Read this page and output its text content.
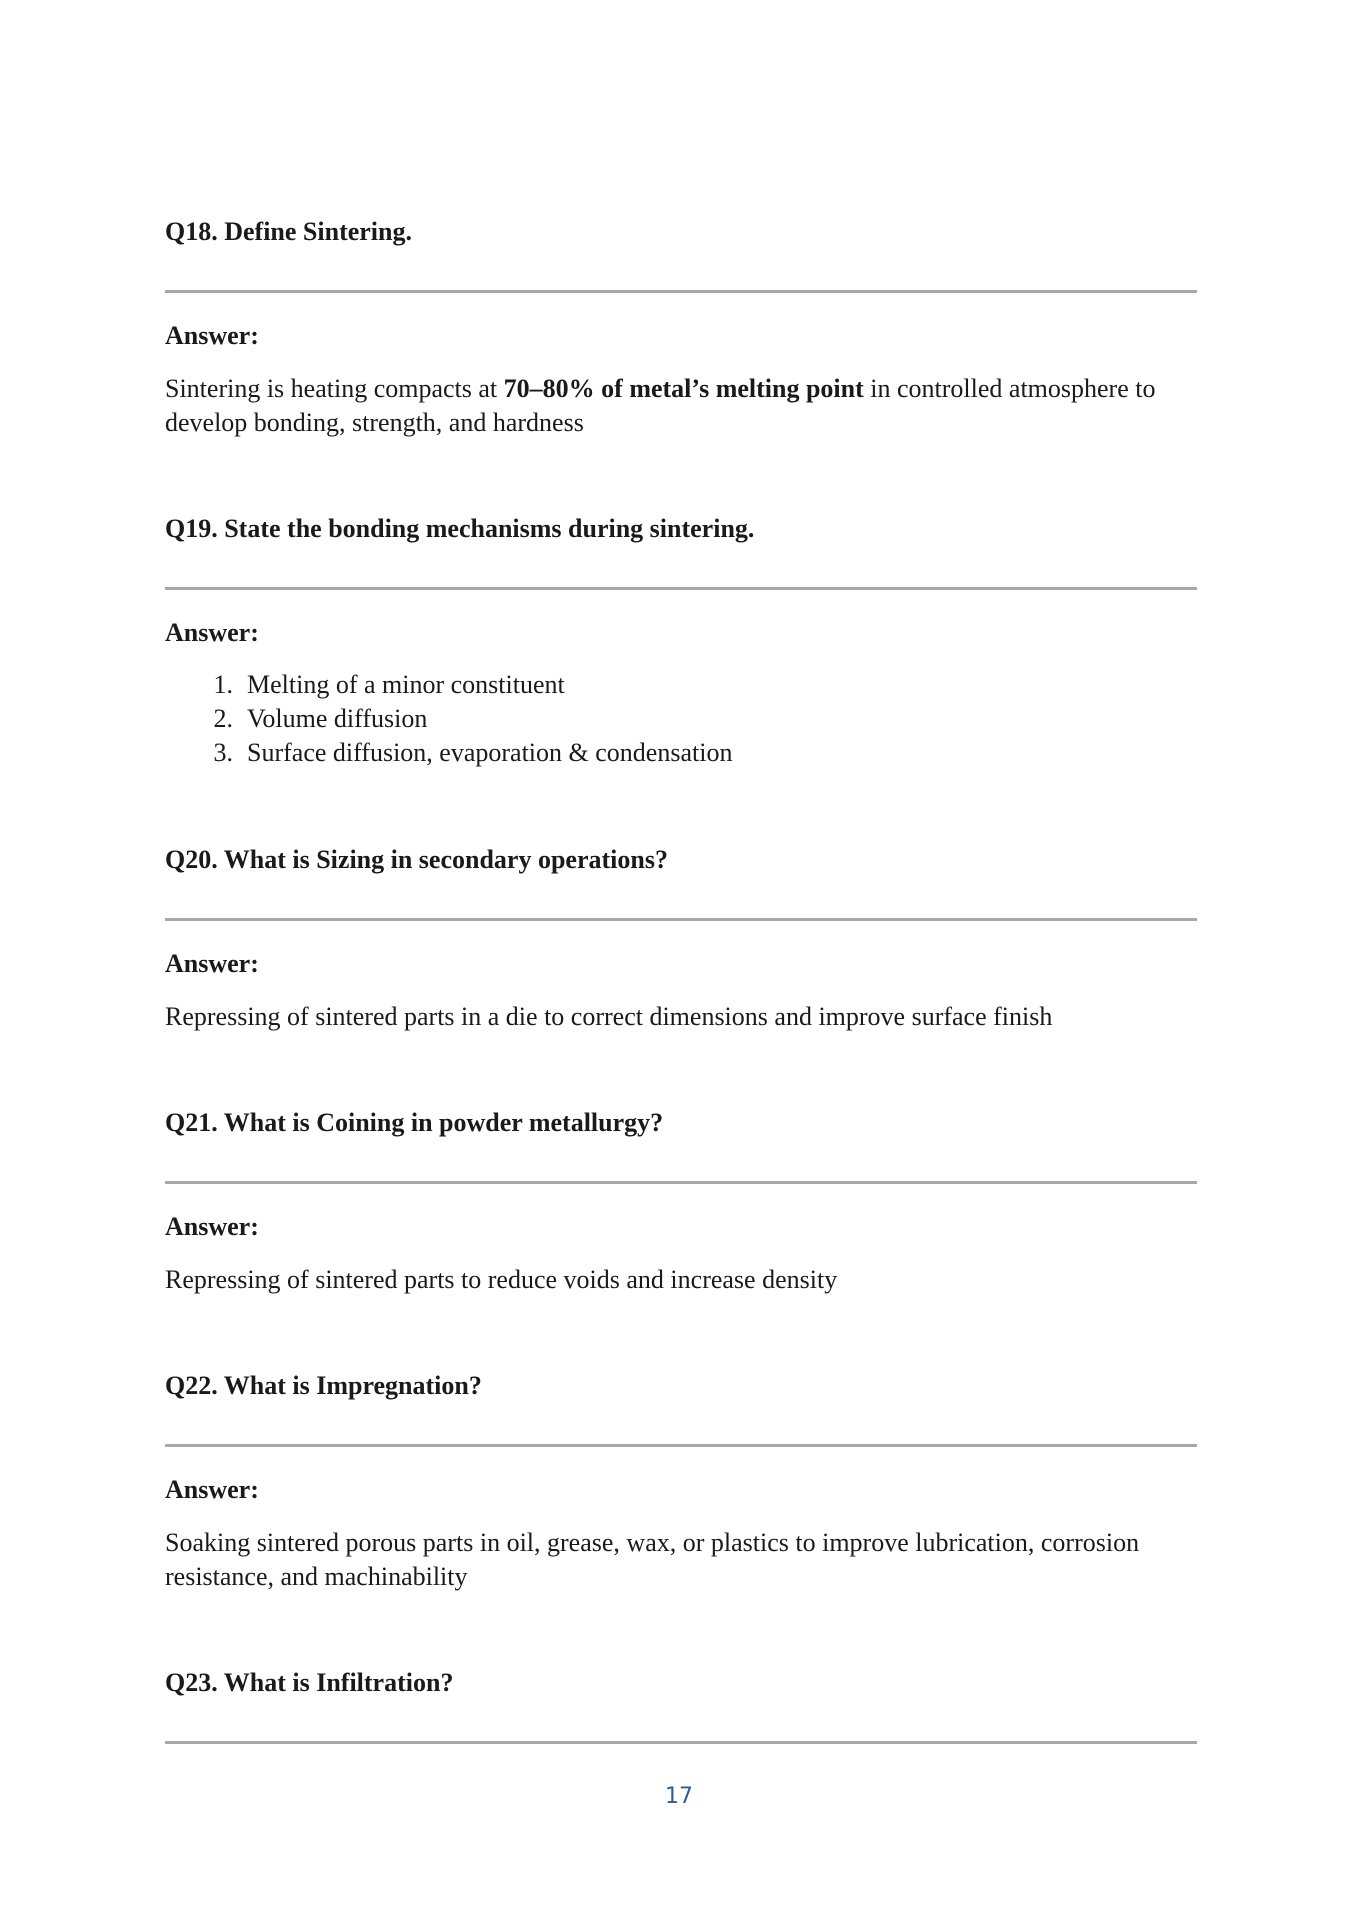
Q18. Define Sintering.

Answer:

Sintering is heating compacts at 70–80% of metal’s melting point in controlled atmosphere to develop bonding, strength, and hardness

Q19. State the bonding mechanisms during sintering.

Answer:

1. Melting of a minor constituent
2. Volume diffusion
3. Surface diffusion, evaporation & condensation

Q20. What is Sizing in secondary operations?

Answer:

Repressing of sintered parts in a die to correct dimensions and improve surface finish

Q21. What is Coining in powder metallurgy?

Answer:

Repressing of sintered parts to reduce voids and increase density

Q22. What is Impregnation?

Answer:

Soaking sintered porous parts in oil, grease, wax, or plastics to improve lubrication, corrosion resistance, and machinability

Q23. What is Infiltration?

17
